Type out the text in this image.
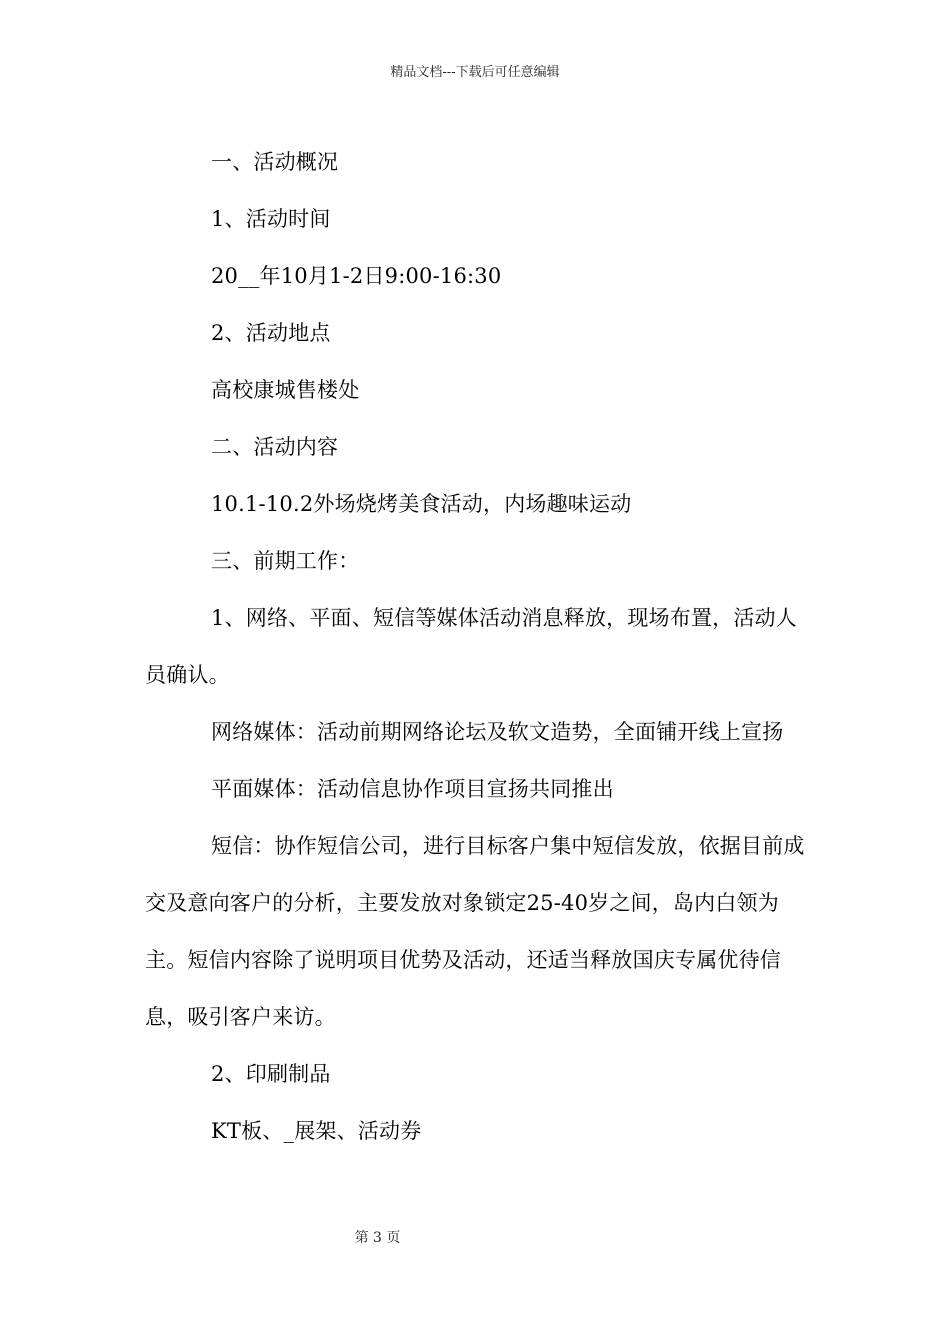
精品文档---下载后可任意编辑

一、活动概况

1、活动时间

20__年10月1-2日9:00-16:30

2、活动地点

高校康城售楼处

二、活动内容

10.1-10.2外场烧烤美食活动，内场趣味运动

三、前期工作：

1、网络、平面、短信等媒体活动消息释放，现场布置，活动人员确认。

网络媒体：活动前期网络论坛及软文造势，全面铺开线上宣扬

平面媒体：活动信息协作项目宣扬共同推出

短信：协作短信公司，进行目标客户集中短信发放，依据目前成交及意向客户的分析，主要发放对象锁定25-40岁之间，岛内白领为主。短信内容除了说明项目优势及活动，还适当释放国庆专属优待信息，吸引客户来访。

2、印刷制品

KT板、_展架、活动券

第 3 页
